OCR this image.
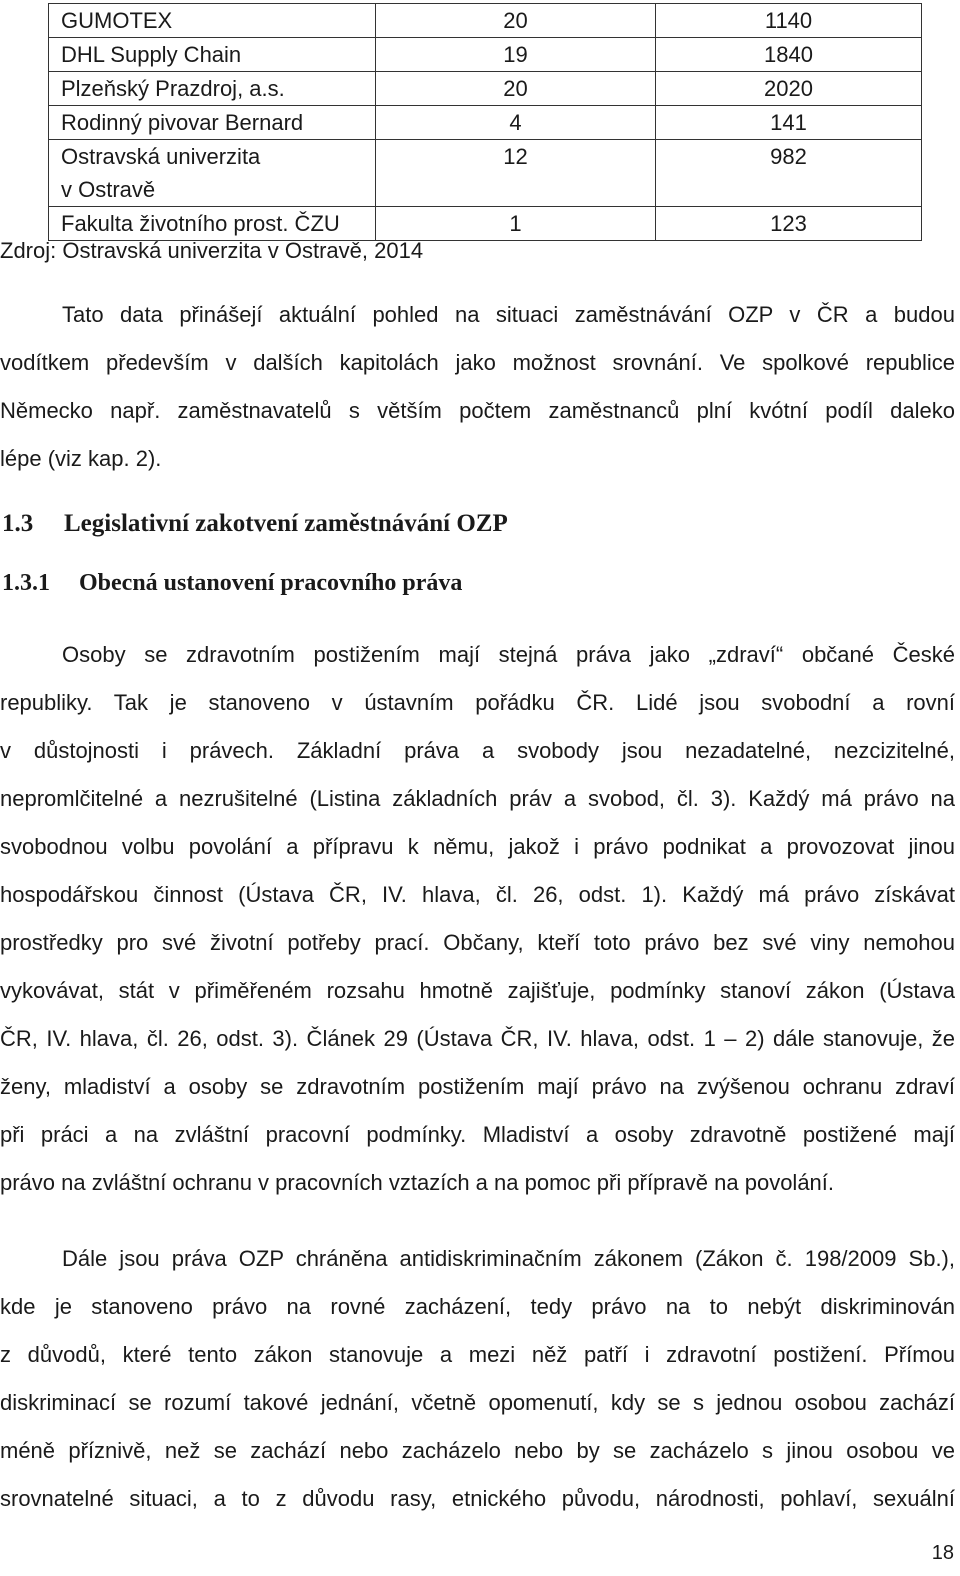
GUMOTEX	20	1140
DHL Supply Chain	19	1840
Plzeňský Prazdroj, a.s.	20	2020
Rodinný pivovar Bernard	4	141
Ostravská univerzita v Ostravě	12	982
Fakulta životního prost. ČZU	1	123
Zdroj: Ostravská univerzita v Ostravě, 2014
Tato data přinášejí aktuální pohled na situaci zaměstnávání OZP v ČR a budou
vodítkem především v dalších kapitolách jako možnost srovnání. Ve spolkové republice
Německo např. zaměstnavatelů s větším počtem zaměstnanců plní kvótní podíl daleko
lépe (viz kap. 2).
1.3 Legislativní zakotvení zaměstnávání OZP
1.3.1 Obecná ustanovení pracovního práva
Osoby se zdravotním postižením mají stejná práva jako „zdraví“ občané České
republiky. Tak je stanoveno v ústavním pořádku ČR. Lidé jsou svobodní a rovní
v důstojnosti i právech. Základní práva a svobody jsou nezadatelné, nezcizitelné,
nepromlčitelné a nezrušitelné (Listina základních práv a svobod, čl. 3). Každý má právo na
svobodnou volbu povolání a přípravu k němu, jakož i právo podnikat a provozovat jinou
hospodářskou činnost (Ústava ČR, IV. hlava, čl. 26, odst. 1). Každý má právo získávat
prostředky pro své životní potřeby prací. Občany, kteří toto právo bez své viny nemohou
vykovávat, stát v přiměřeném rozsahu hmotně zajišťuje, podmínky stanoví zákon (Ústava
ČR, IV. hlava, čl. 26, odst. 3). Článek 29 (Ústava ČR, IV. hlava, odst. 1 – 2) dále stanovuje, že
ženy, mladiství a osoby se zdravotním postižením mají právo na zvýšenou ochranu zdraví
při práci a na zvláštní pracovní podmínky. Mladiství a osoby zdravotně postižené mají
právo na zvláštní ochranu v pracovních vztazích a na pomoc při přípravě na povolání.
Dále jsou práva OZP chráněna antidiskriminačním zákonem (Zákon č. 198/2009 Sb.),
kde je stanoveno právo na rovné zacházení, tedy právo na to nebýt diskriminován
z důvodů, které tento zákon stanovuje a mezi něž patří i zdravotní postižení. Přímou
diskriminací se rozumí takové jednání, včetně opomenutí, kdy se s jednou osobou zachází
méně příznivě, než se zachází nebo zacházelo nebo by se zacházelo s jinou osobou ve
srovnatelné situaci, a to z důvodu rasy, etnického původu, národnosti, pohlaví, sexuální
18
